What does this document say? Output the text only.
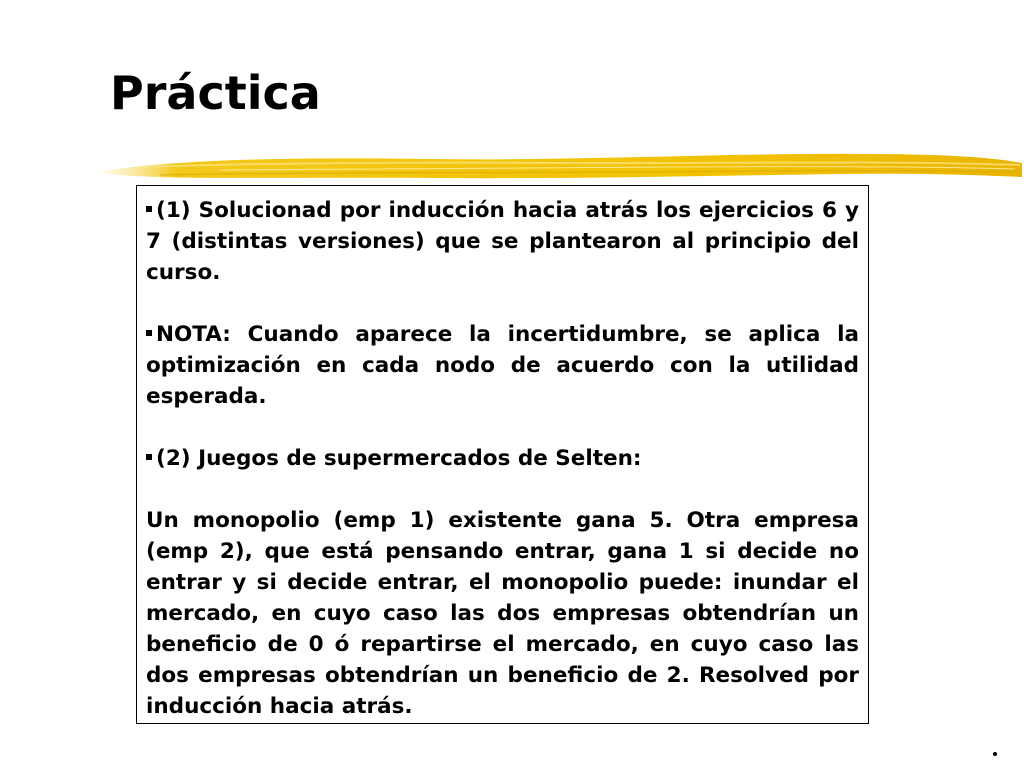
Práctica

(1) Solucionad por inducción hacia atrás los ejercicios 6 y 7 (distintas versiones) que se plantearon al principio del curso.

NOTA: Cuando aparece la incertidumbre, se aplica la optimización en cada nodo de acuerdo con la utilidad esperada.

(2) Juegos de supermercados de Selten:

Un monopolio (emp 1) existente gana 5. Otra empresa (emp 2), que está pensando entrar, gana 1 si decide no entrar y si decide entrar, el monopolio puede: inundar el mercado, en cuyo caso las dos empresas obtendrían un beneficio de 0 ó repartirse el mercado, en cuyo caso las dos empresas obtendrían un beneficio de 2. Resolved por inducción hacia atrás.
